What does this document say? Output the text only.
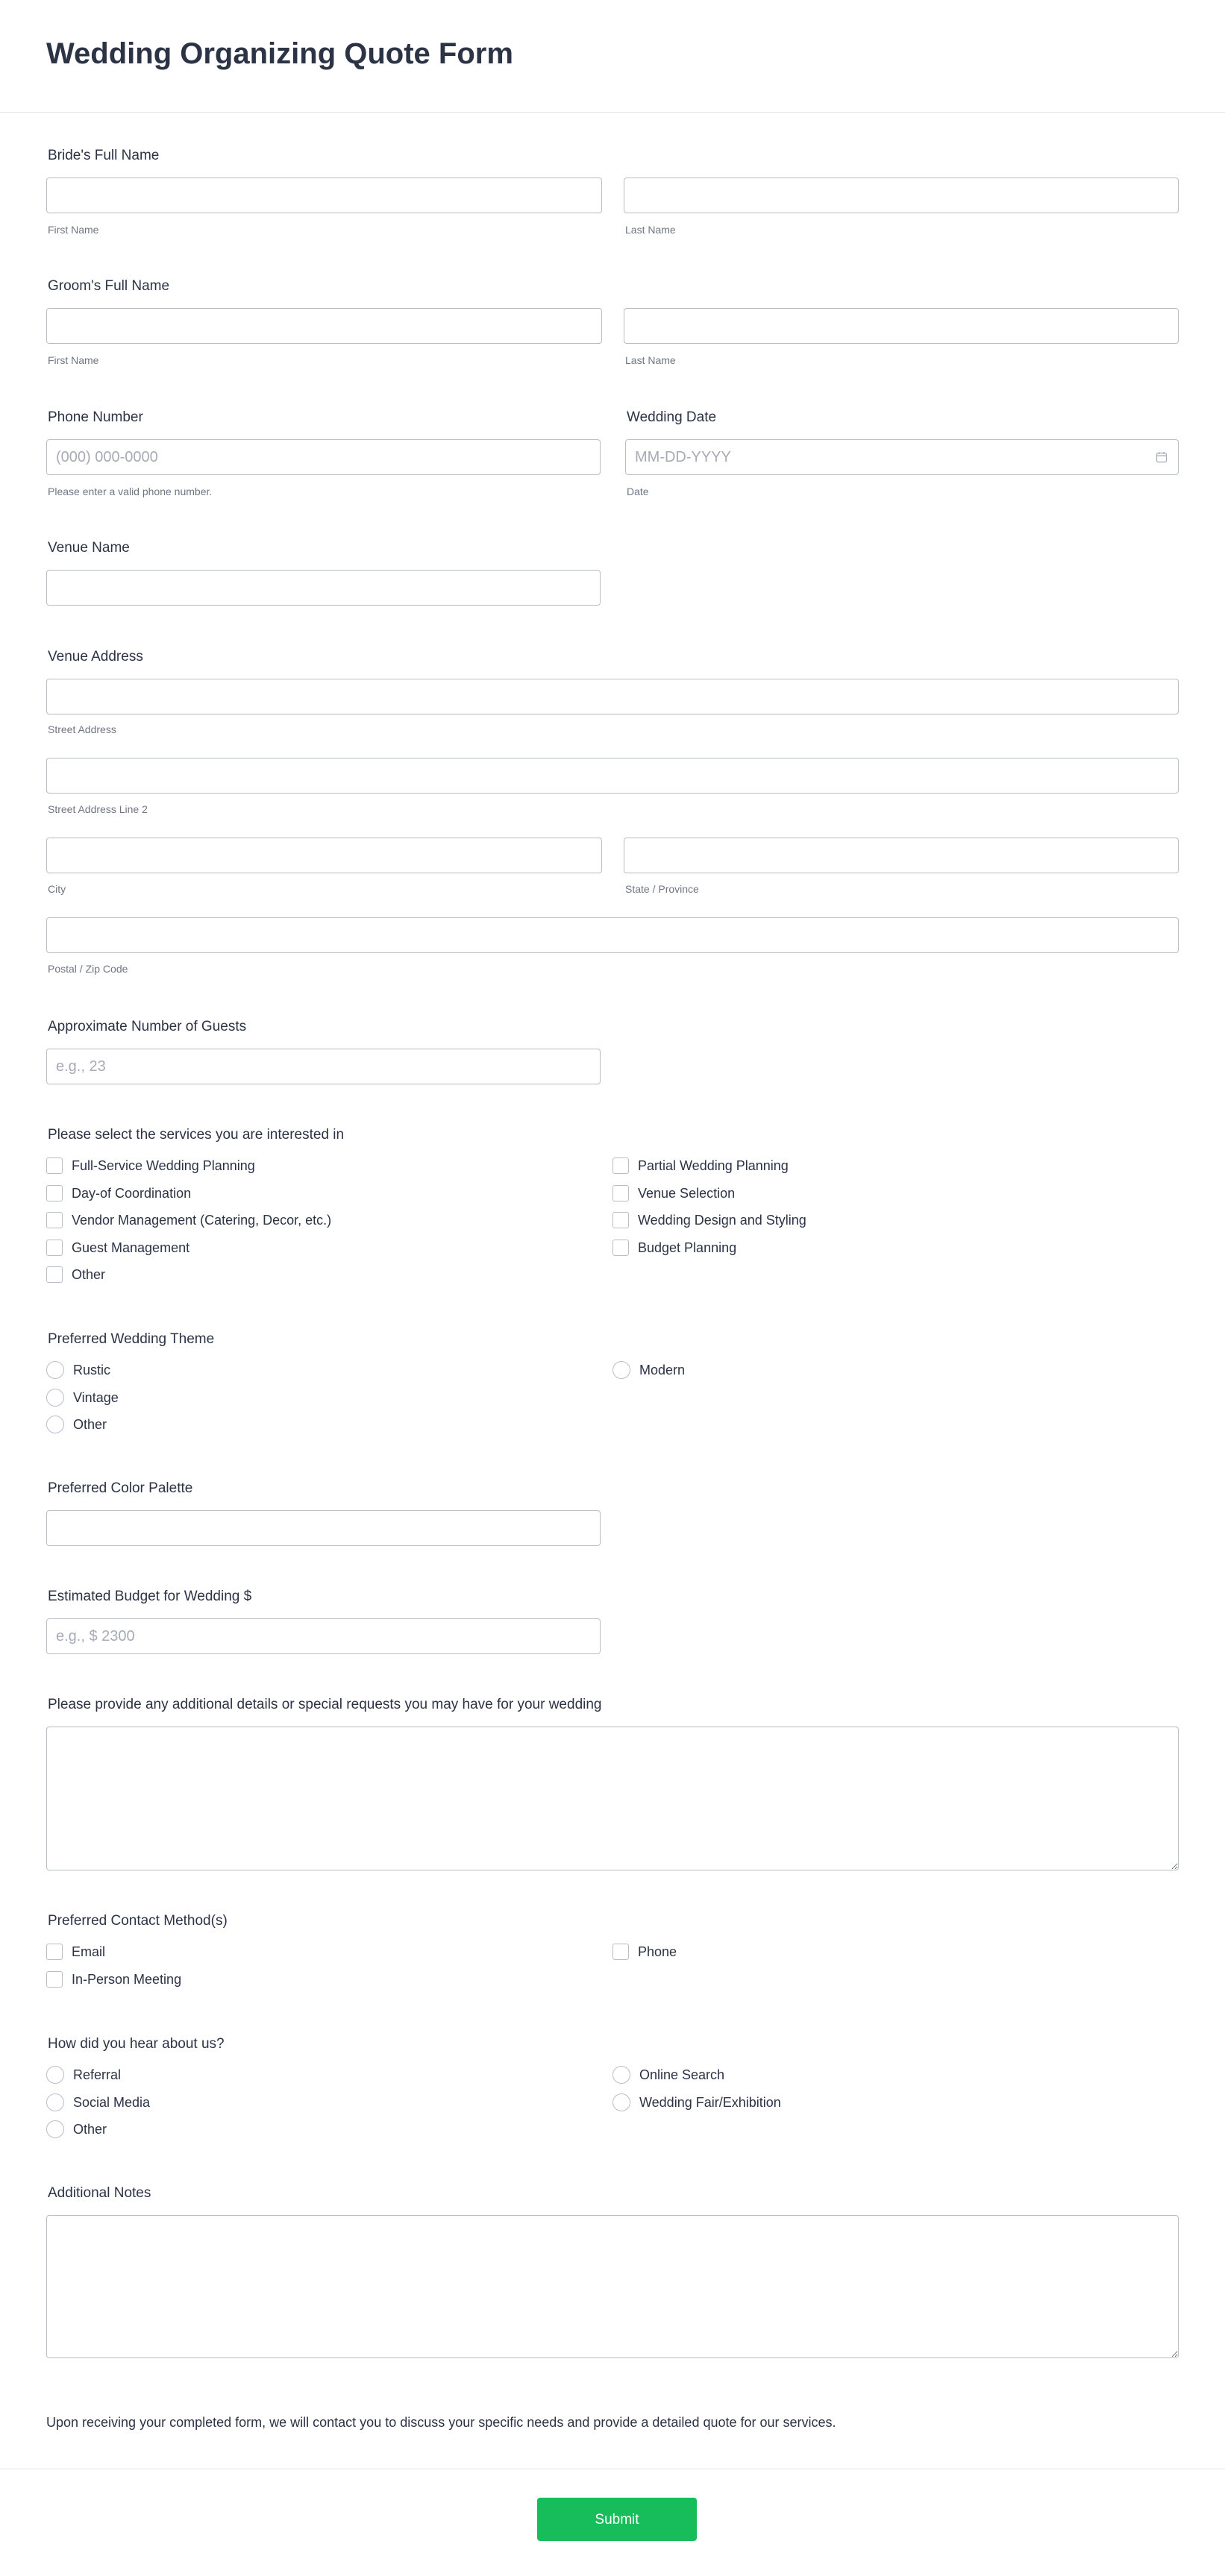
Wedding Organizing Quote Form
Bride's Full Name
First Name	Last Name
Groom's Full Name
First Name	Last Name
Phone Number
(000) 000-0000
Please enter a valid phone number.
Wedding Date
MM-DD-YYYY
Date
Venue Name
Venue Address
Street Address
Street Address Line 2
City	State / Province
Postal / Zip Code
Approximate Number of Guests
e.g., 23
Please select the services you are interested in
Full-Service Wedding Planning	Partial Wedding Planning
Day-of Coordination	Venue Selection
Vendor Management (Catering, Decor, etc.)	Wedding Design and Styling
Guest Management	Budget Planning
Other
Preferred Wedding Theme
Rustic	Modern
Vintage
Other
Preferred Color Palette
Estimated Budget for Wedding $
e.g., $ 2300
Please provide any additional details or special requests you may have for your wedding
Preferred Contact Method(s)
Email	Phone
In-Person Meeting
How did you hear about us?
Referral	Online Search
Social Media	Wedding Fair/Exhibition
Other
Additional Notes
Upon receiving your completed form, we will contact you to discuss your specific needs and provide a detailed quote for our services.
Submit
